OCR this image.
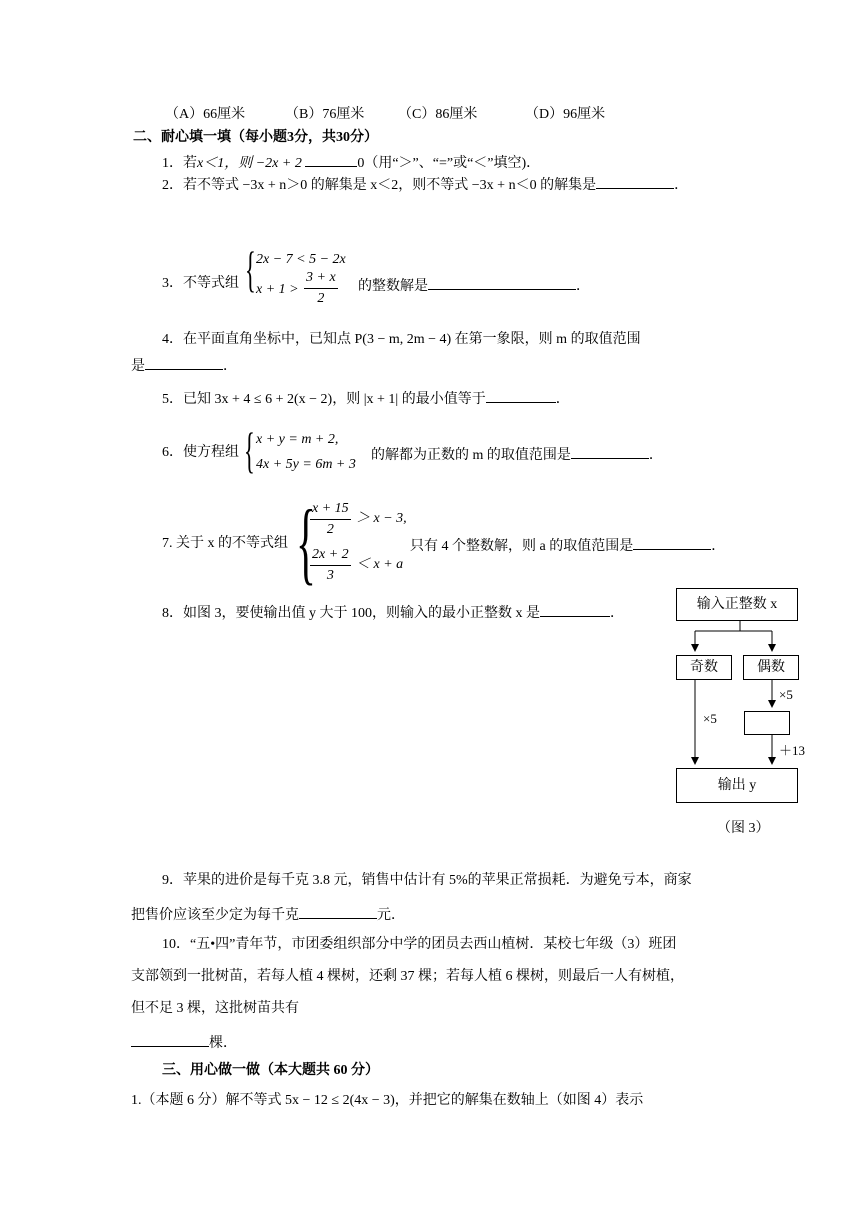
（A）66厘米	（B）76厘米 （C）86厘米	（D）96厘米
二、耐心填一填（每小题3分，共30分）
1．若x＜1，则 −2x + 2	0（用“＞”、“=”或“＜”填空)．
2．若不等式 −3x + n＞0 的解集是 x＜2，则不等式 −3x + n＜0 的解集是	．
3．不等式组 { 2x − 7 < 5 − 2x
$x + 1 > \frac{3 + x}{2}$ 的整数解是	．
4．在平面直角坐标中，已知点 P(3 − m, 2m − 4) 在第一象限，则 m 的取值范围
是	．
5．已知 3x + 4 ≤ 6 + 2(x − 2)，则 |x + 1| 的最小值等于	．
6．使方程组 { x + y = m + 2,
4x + 5y = 6m + 3
的解都为正数的 m 的取值范围是	．
7. 关于 x 的不等式组 {
$\frac{x + 15}{2} > x - 3$,
$\frac{2x + 2}{3} < x + a$
只有 4 个整数解，则 a 的取值范围是	．
8．如图 3，要使输出值 y 大于 100，则输入的最小正整数 x 是	．
输入正整数 x
奇数	偶数
×5
×5
＋13
输出 y
（图 3）
9．苹果的进价是每千克 3.8 元，销售中估计有 5%的苹果正常损耗．为避免亏本，商家
把售价应该至少定为每千克	元．
10．“五•四”青年节，市团委组织部分中学的团员去西山植树．某校七年级（3）班团
支部领到一批树苗，若每人植 4 棵树，还剩 37 棵；若每人植 6 棵树，则最后一人有树植，
但不足 3 棵，这批树苗共有
棵．
三、用心做一做（本大题共 60 分）
1.（本题 6 分）解不等式 5x − 12 ≤ 2(4x − 3)，并把它的解集在数轴上（如图 4）表示
